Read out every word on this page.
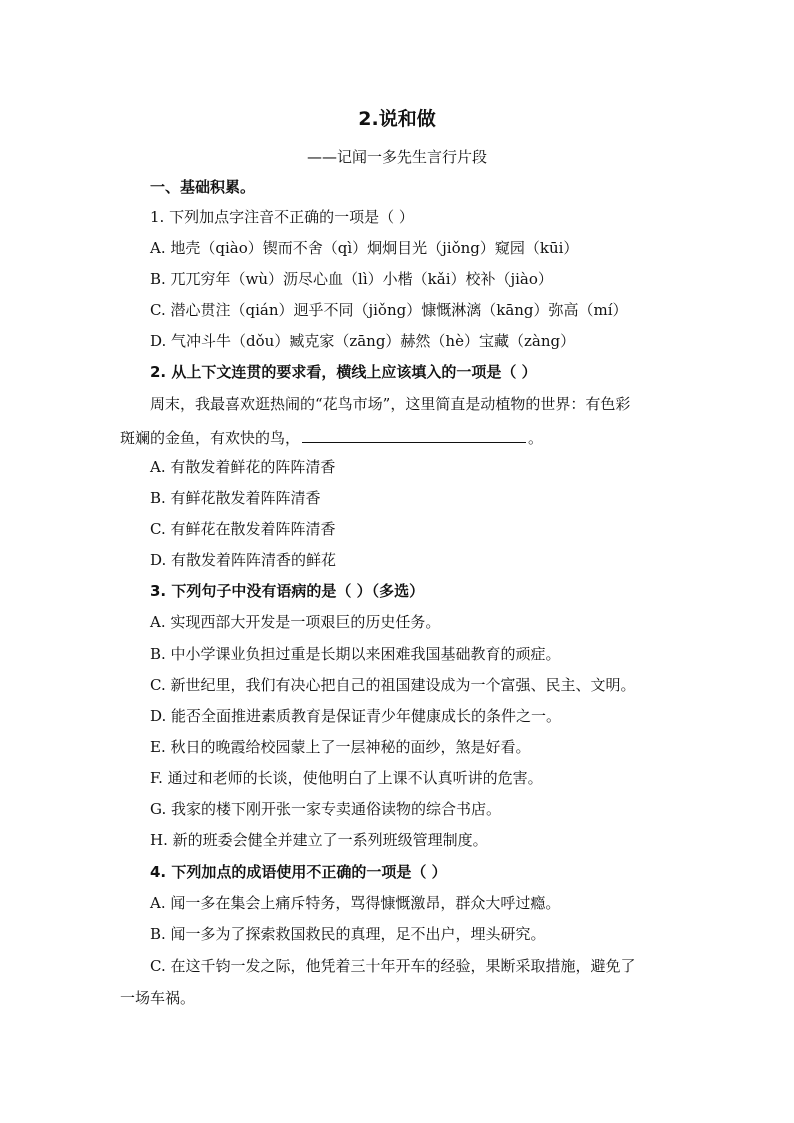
2.说和做
——记闻一多先生言行片段
一、基础积累。
1. 下列加点字注音不正确的一项是（ ）
A. 地壳（qiào）锲而不舍（qì）炯炯目光（jiǒng）窥园（kūi）
B. 兀兀穷年（wù）沥尽心血（lì）小楷（kǎi）校补（jiào）
C. 潜心贯注（qián）迥乎不同（jiǒng）慷慨淋漓（kāng）弥高（mí）
D. 气冲斗牛（dǒu）臧克家（zāng）赫然（hè）宝藏（zàng）
2. 从上下文连贯的要求看，横线上应该填入的一项是（ ）
周末，我最喜欢逛热闹的“花鸟市场”，这里简直是动植物的世界：有色彩
斑斓的金鱼，有欢快的鸟，	。
A. 有散发着鲜花的阵阵清香
B. 有鲜花散发着阵阵清香
C. 有鲜花在散发着阵阵清香
D. 有散发着阵阵清香的鲜花
3. 下列句子中没有语病的是（ ）（多选）
A. 实现西部大开发是一项艰巨的历史任务。
B. 中小学课业负担过重是长期以来困难我国基础教育的顽症。
C. 新世纪里，我们有决心把自己的祖国建设成为一个富强、民主、文明。
D. 能否全面推进素质教育是保证青少年健康成长的条件之一。
E. 秋日的晚霞给校园蒙上了一层神秘的面纱，煞是好看。
F. 通过和老师的长谈，使他明白了上课不认真听讲的危害。
G. 我家的楼下刚开张一家专卖通俗读物的综合书店。
H. 新的班委会健全并建立了一系列班级管理制度。
4. 下列加点的成语使用不正确的一项是（ ）
A. 闻一多在集会上痛斥特务，骂得慷慨激昂，群众大呼过瘾。
B. 闻一多为了探索救国救民的真理，足不出户，埋头研究。
C. 在这千钧一发之际，他凭着三十年开车的经验，果断采取措施，避免了
一场车祸。
